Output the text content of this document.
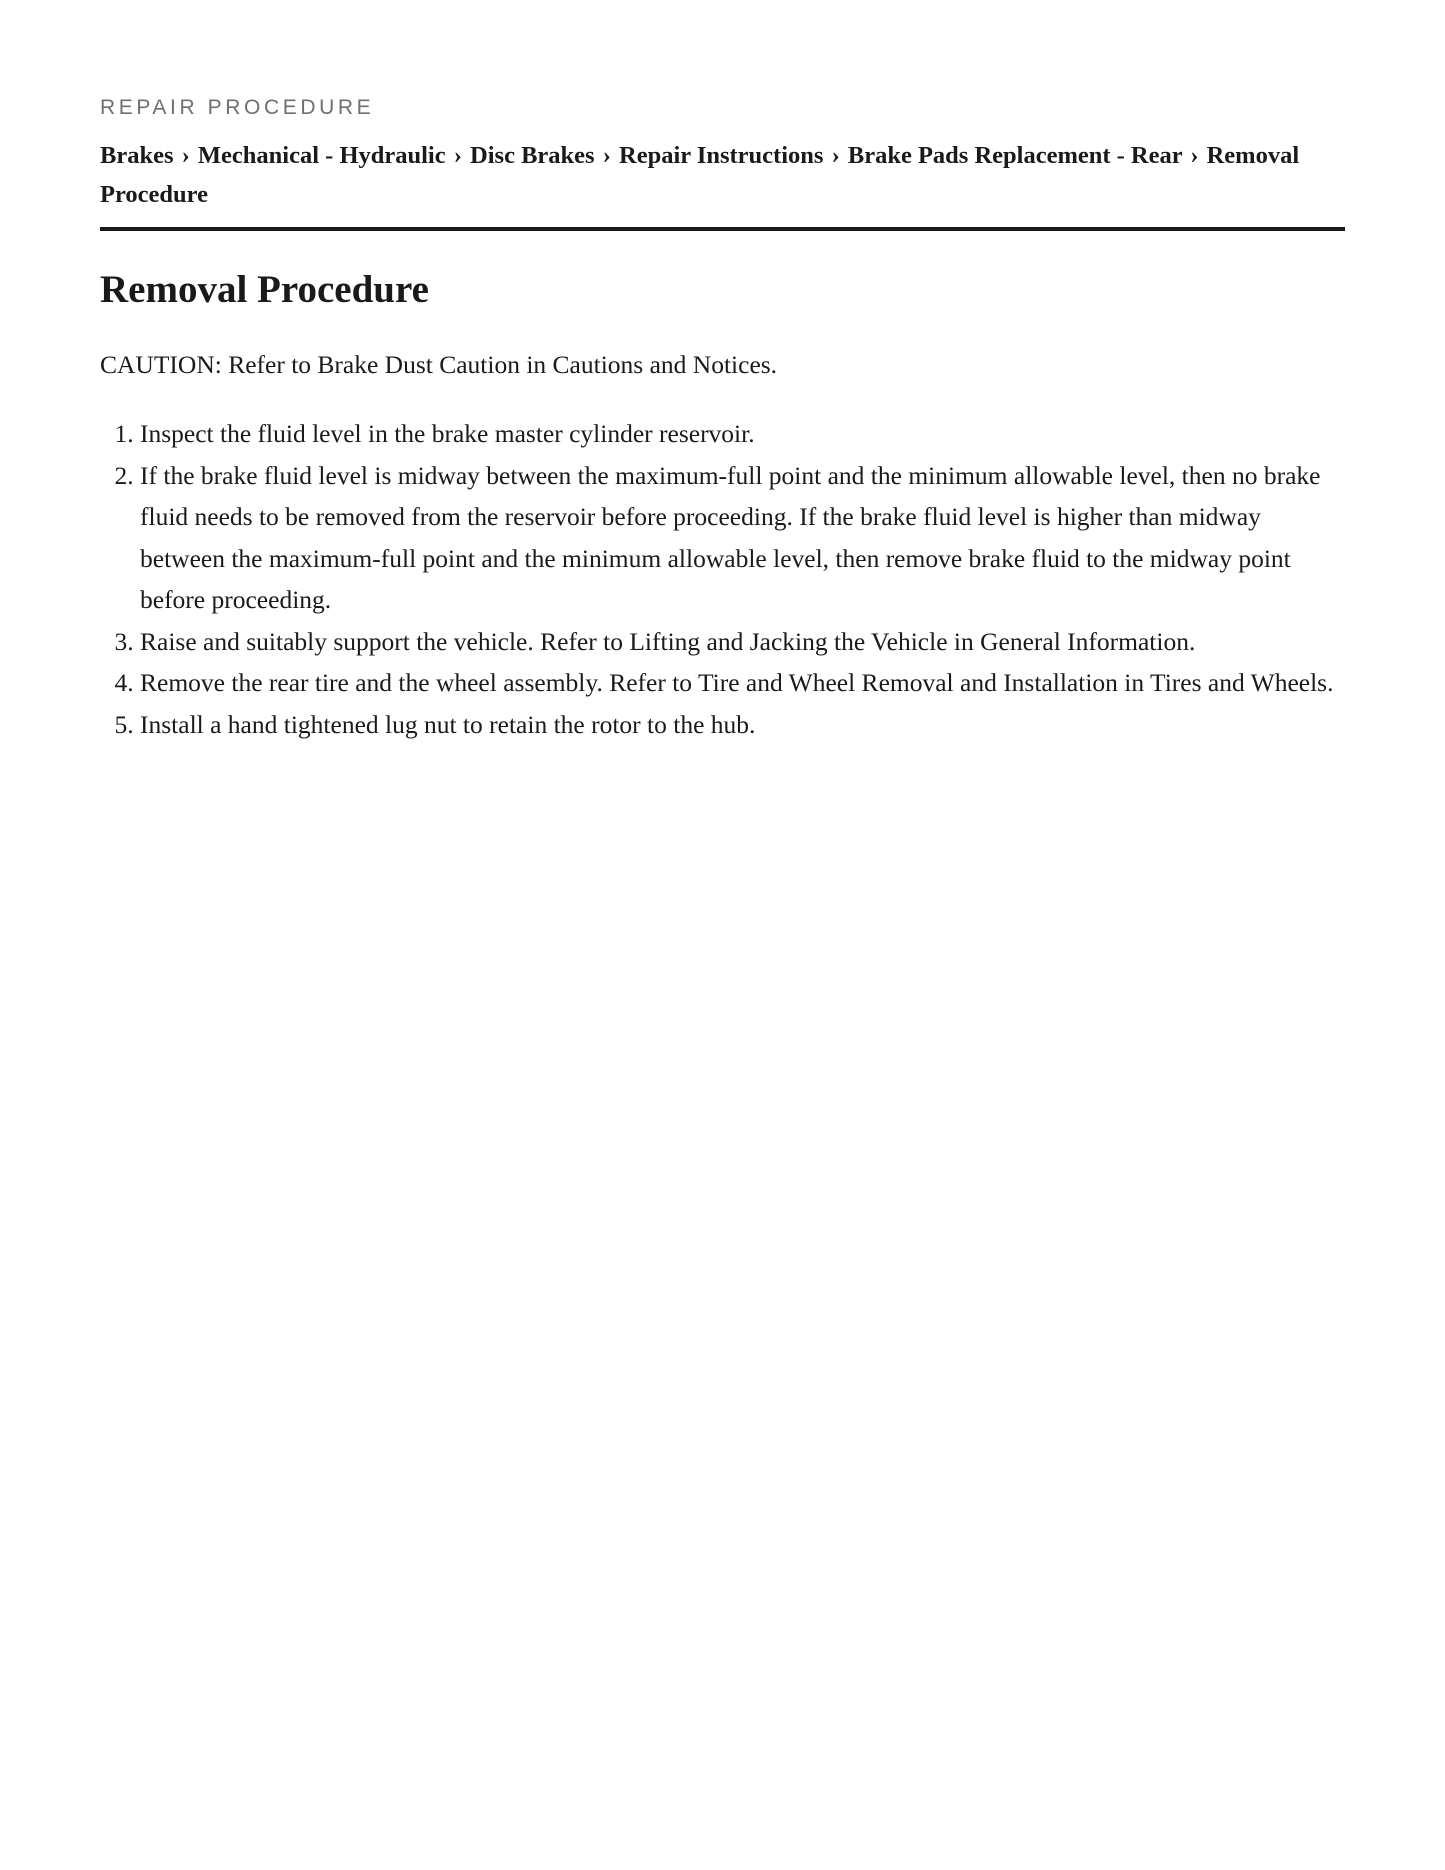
REPAIR PROCEDURE

Brakes › Mechanical - Hydraulic › Disc Brakes › Repair Instructions › Brake Pads Replacement - Rear › Removal Procedure

Removal Procedure

CAUTION: Refer to Brake Dust Caution in Cautions and Notices.

1. Inspect the fluid level in the brake master cylinder reservoir.
2. If the brake fluid level is midway between the maximum-full point and the minimum allowable level, then no brake fluid needs to be removed from the reservoir before proceeding. If the brake fluid level is higher than midway between the maximum-full point and the minimum allowable level, then remove brake fluid to the midway point before proceeding.
3. Raise and suitably support the vehicle. Refer to Lifting and Jacking the Vehicle in General Information.
4. Remove the rear tire and the wheel assembly. Refer to Tire and Wheel Removal and Installation in Tires and Wheels.
5. Install a hand tightened lug nut to retain the rotor to the hub.
